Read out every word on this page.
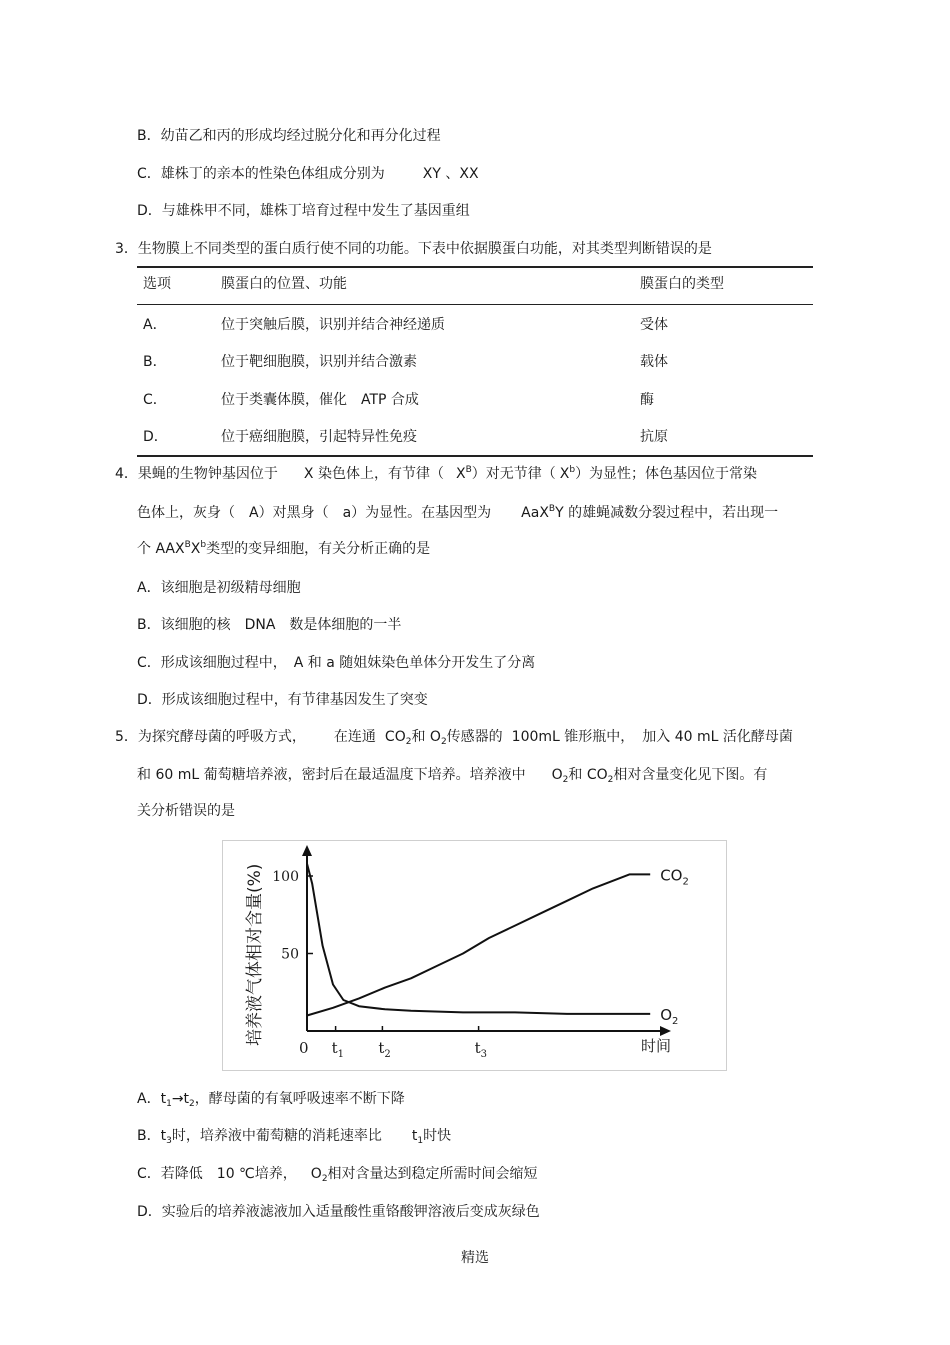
B．幼苗乙和丙的形成均经过脱分化和再分化过程
C．雄株丁的亲本的性染色体组成分别为	XY 、XX
D．与雄株甲不同，雄株丁培育过程中发生了基因重组
3．生物膜上不同类型的蛋白质行使不同的功能。下表中依据膜蛋白功能，对其类型判断错误的是
选项	膜蛋白的位置、功能	膜蛋白的类型
A．	位于突触后膜，识别并结合神经递质	受体
B．	位于靶细胞膜，识别并结合激素	载体
C．	位于类囊体膜，催化　ATP 合成	酶
D．	位于癌细胞膜，引起特异性免疫	抗原
4．果蝇的生物钟基因位于 X 染色体上，有节律（ $X^B$）对无节律（ $X^b$）为显性；体色基因位于常染
色体上，灰身（　A）对黑身（　a）为显性。在基因型为 AaX$^B$Y 的雄蝇减数分裂过程中，若出现一
个 $AAX^BX^b$类型的变异细胞，有关分析正确的是
A．该细胞是初级精母细胞
B．该细胞的核　DNA　数是体细胞的一半
C．形成该细胞过程中，　A 和 a 随姐妹染色单体分开发生了分离
D．形成该细胞过程中，有节律基因发生了突变
5．为探究酵母菌的呼吸方式， 在连通 $CO_2$和 $O_2$传感器的 100mL 锥形瓶中， 加入 40 mL 活化酵母菌
和 60 mL 葡萄糖培养液，密封后在最适温度下培养。培养液中 $O_2$和 $CO_2$相对含量变化见下图。有
关分析错误的是
50
100
0 $t_1$ $t_2$	$t_3$	时间
培养液气体相对含量(%)	$CO_2$
$O_2$
A．$t_1\to t_2$，酵母菌的有氧呼吸速率不断下降
B．$t_3$时，培养液中葡萄糖的消耗速率比 $t_1$时快
C．若降低 10 ℃培养， $O_2$相对含量达到稳定所需时间会缩短
D．实验后的培养液滤液加入适量酸性重铬酸钾溶液后变成灰绿色
精选
